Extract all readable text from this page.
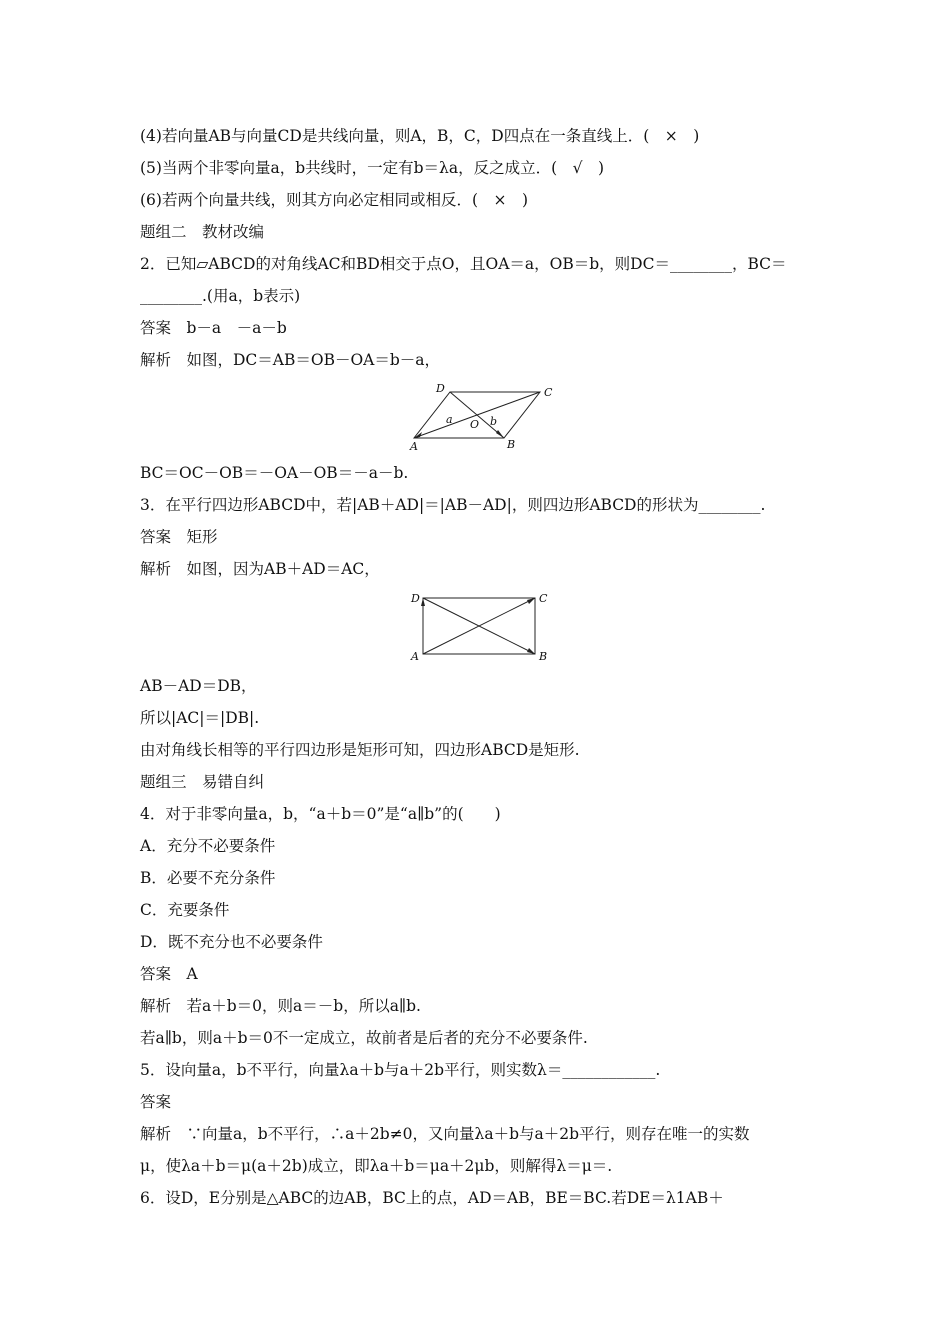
(4)若向量AB与向量CD是共线向量，则A，B，C，D四点在一条直线上．(　×　)
(5)当两个非零向量a，b共线时，一定有b＝λa，反之成立．(　√　)
(6)若两个向量共线，则其方向必定相同或相反．(　×　)
题组二　教材改编
2．已知▱ABCD的对角线AC和BD相交于点O，且OA＝a，OB＝b，则DC＝________，BC＝
________.(用a，b表示)
答案　b－a　－a－b
解析　如图，DC＝AB＝OB－OA＝b－a，
D	C
A	B
O
a	b
BC＝OC－OB＝－OA－OB＝－a－b.
3．在平行四边形ABCD中，若|AB＋AD|＝|AB－AD|，则四边形ABCD的形状为________.
答案　矩形
解析　如图，因为AB＋AD＝AC，
D	C
A	B
AB－AD＝DB，
所以|AC|＝|DB|.
由对角线长相等的平行四边形是矩形可知，四边形ABCD是矩形.
题组三　易错自纠
4．对于非零向量a，b，“a＋b＝0”是“a∥b”的(　　)
A．充分不必要条件
B．必要不充分条件
C．充要条件
D．既不充分也不必要条件
答案　A
解析　若a＋b＝0，则a＝－b，所以a∥b.
若a∥b，则a＋b＝0不一定成立，故前者是后者的充分不必要条件.
5．设向量a，b不平行，向量λa＋b与a＋2b平行，则实数λ＝____________.
答案
解析　∵向量a，b不平行，∴a＋2b≠0，又向量λa＋b与a＋2b平行，则存在唯一的实数
μ，使λa＋b＝μ(a＋2b)成立，即λa＋b＝μa＋2μb，则解得λ＝μ＝.
6．设D，E分别是△ABC的边AB，BC上的点，AD＝AB，BE＝BC.若DE＝λ1AB＋
